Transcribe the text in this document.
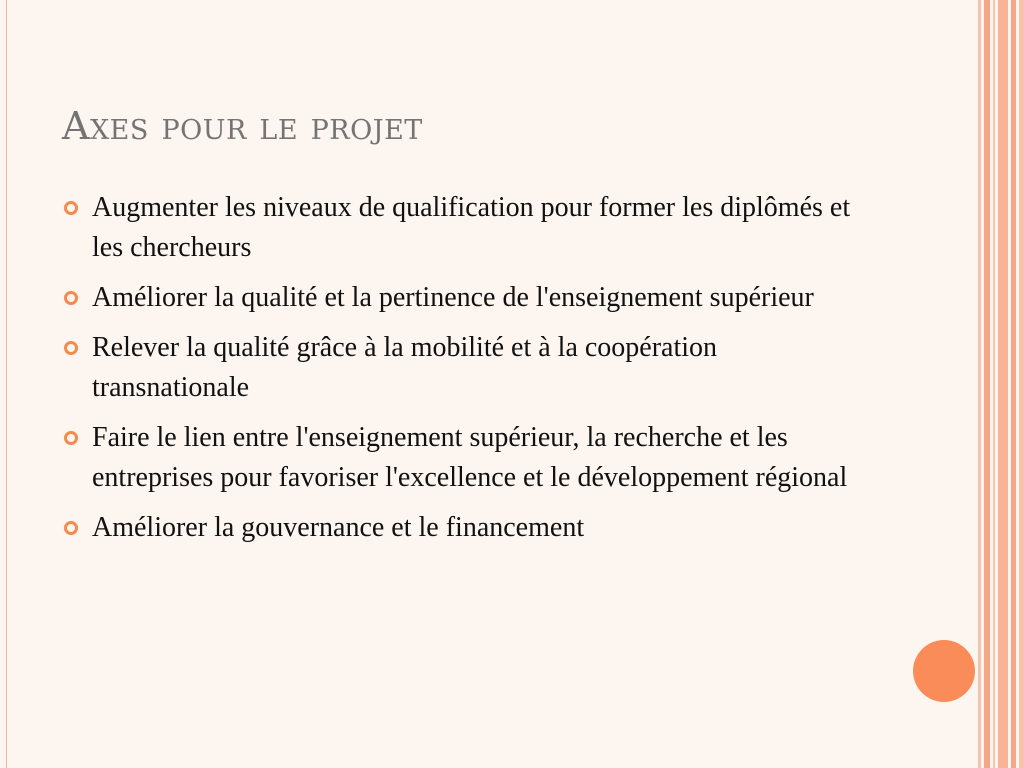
Axes pour le projet
Augmenter les niveaux de qualification pour former les diplômés et les chercheurs
Améliorer la qualité et la pertinence de l'enseignement supérieur
Relever la qualité grâce à la mobilité et à la coopération transnationale
Faire le lien entre l'enseignement supérieur, la recherche et les entreprises pour favoriser l'excellence et le développement régional
Améliorer la gouvernance et le financement
